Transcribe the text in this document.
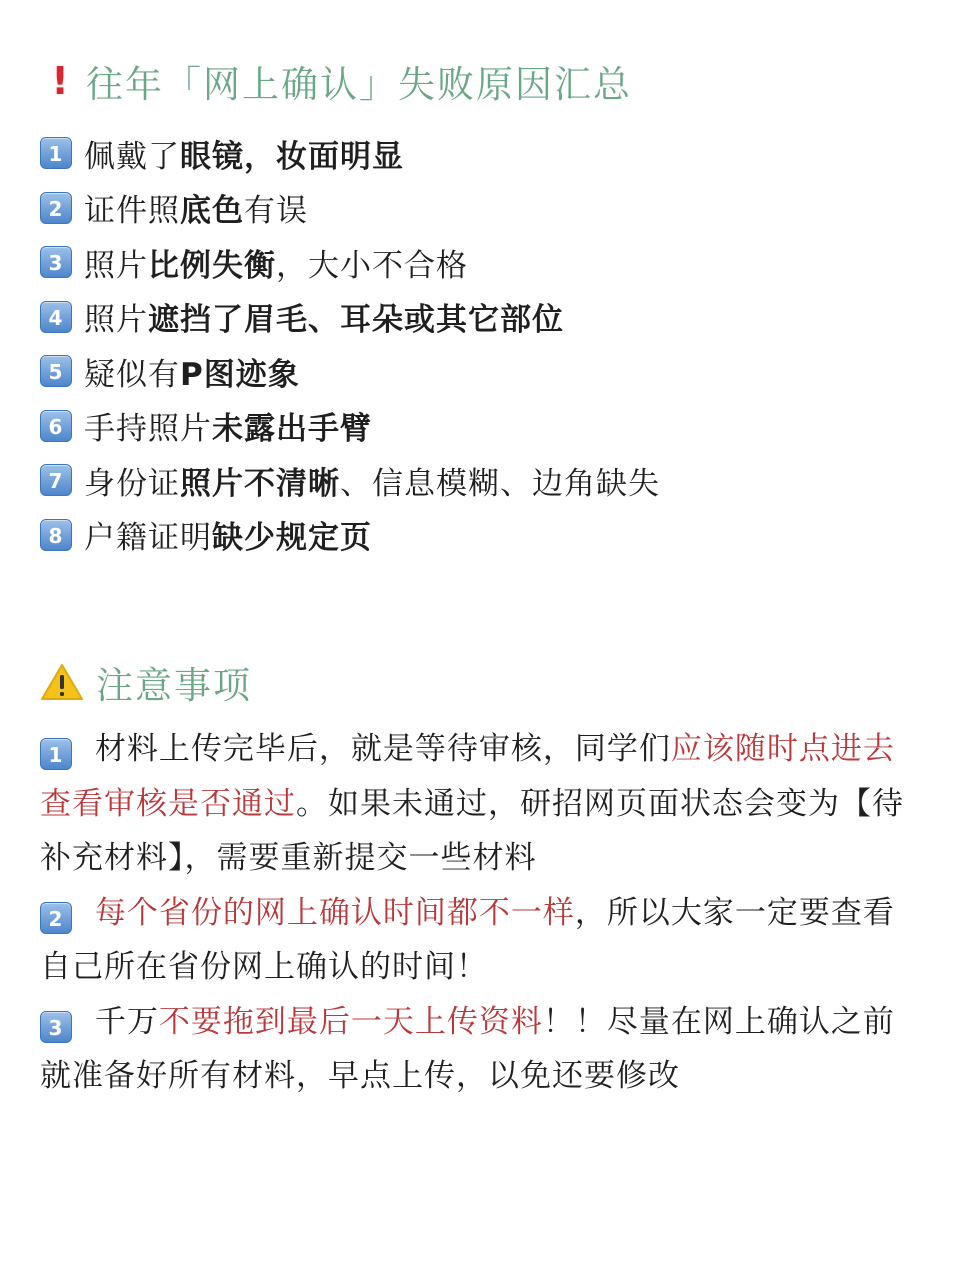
! 往年「网上确认」失败原因汇总
1 佩戴了 眼镜，妆面明显
2 证件照 底色 有误
3 照片 比例失衡 ，大小不合格
4 照片 遮挡了眉毛、耳朵或其它部位
5 疑似有 P图迹象
6 手持照片 未露出手臂
7 身份证 照片不清晰 、信息模糊、边角缺失
8 户籍证明 缺少规定页
注意事项

1 材料上传完毕后，就是等待审核，同学们应该随时点进去查看审核是否通过。如果未通过，研招网页面状态会变为【待补充材料】，需要重新提交一些材料

2 每个省份的网上确认时间都不一样，所以大家一定要查看自己所在省份网上确认的时间！

3 千万不要拖到最后一天上传资料！！尽量在网上确认之前就准备好所有材料，早点上传，以免还要修改
